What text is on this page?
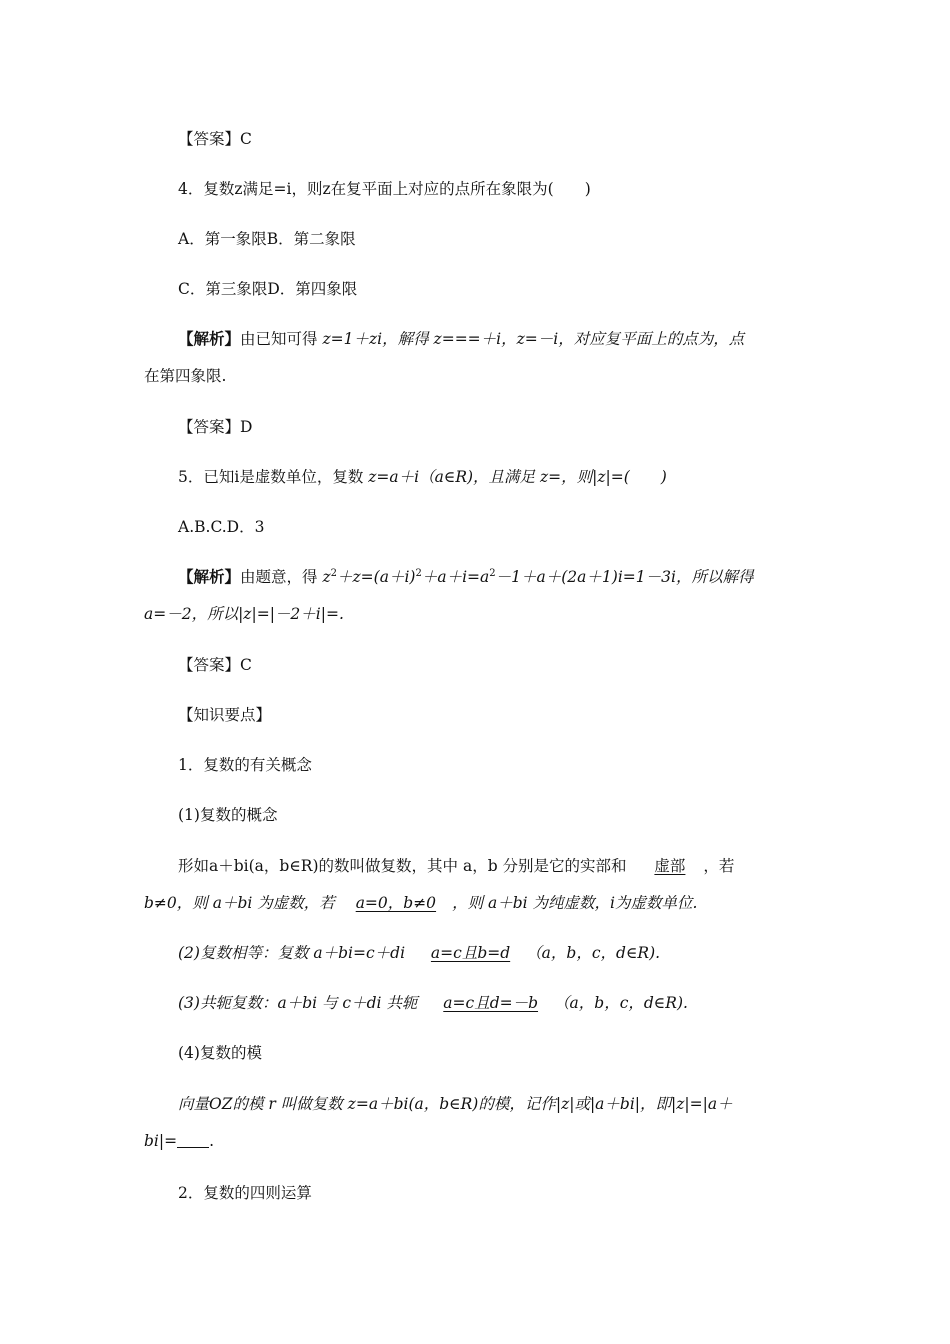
【答案】C
4．复数z满足=i，则z在复平面上对应的点所在象限为(　　)
A．第一象限B．第二象限
C．第三象限D．第四象限
【解析】由已知可得 z=1＋zi，解得 z===＋i，z=－i，对应复平面上的点为，点
在第四象限.
【答案】D
5．已知i是虚数单位，复数 z=a＋i（a∈R)，且满足 z=，则|z|=(　　)
A.B.C.D．3
【解析】由题意，得 $z^2+z=(a+i)^2+a+i=a^2-1+a+(2a+1)i=1-3i$，所以解得
a=－2，所以|z|=|－2＋i|=.
【答案】C
【知识要点】
1．复数的有关概念
(1)复数的概念
形如a＋bi(a，b∈R)的数叫做复数，其中 a，b 分别是它的实部和 虚部 ，若
b≠0，则 a＋bi 为虚数，若 a=0，b≠0 ，则 a＋bi 为纯虚数，i为虚数单位.
(2)复数相等：复数 a＋bi=c＋di a=c且b=d （a，b，c，d∈R).
(3)共轭复数：a＋bi 与 c＋di 共轭 a=c且d=－b （a，b，c，d∈R).
(4)复数的模
向量OZ的模 r 叫做复数 z=a＋bi(a，b∈R)的模，记作|z|或|a＋bi|，即|z|=|a＋
bi|= .
2．复数的四则运算
